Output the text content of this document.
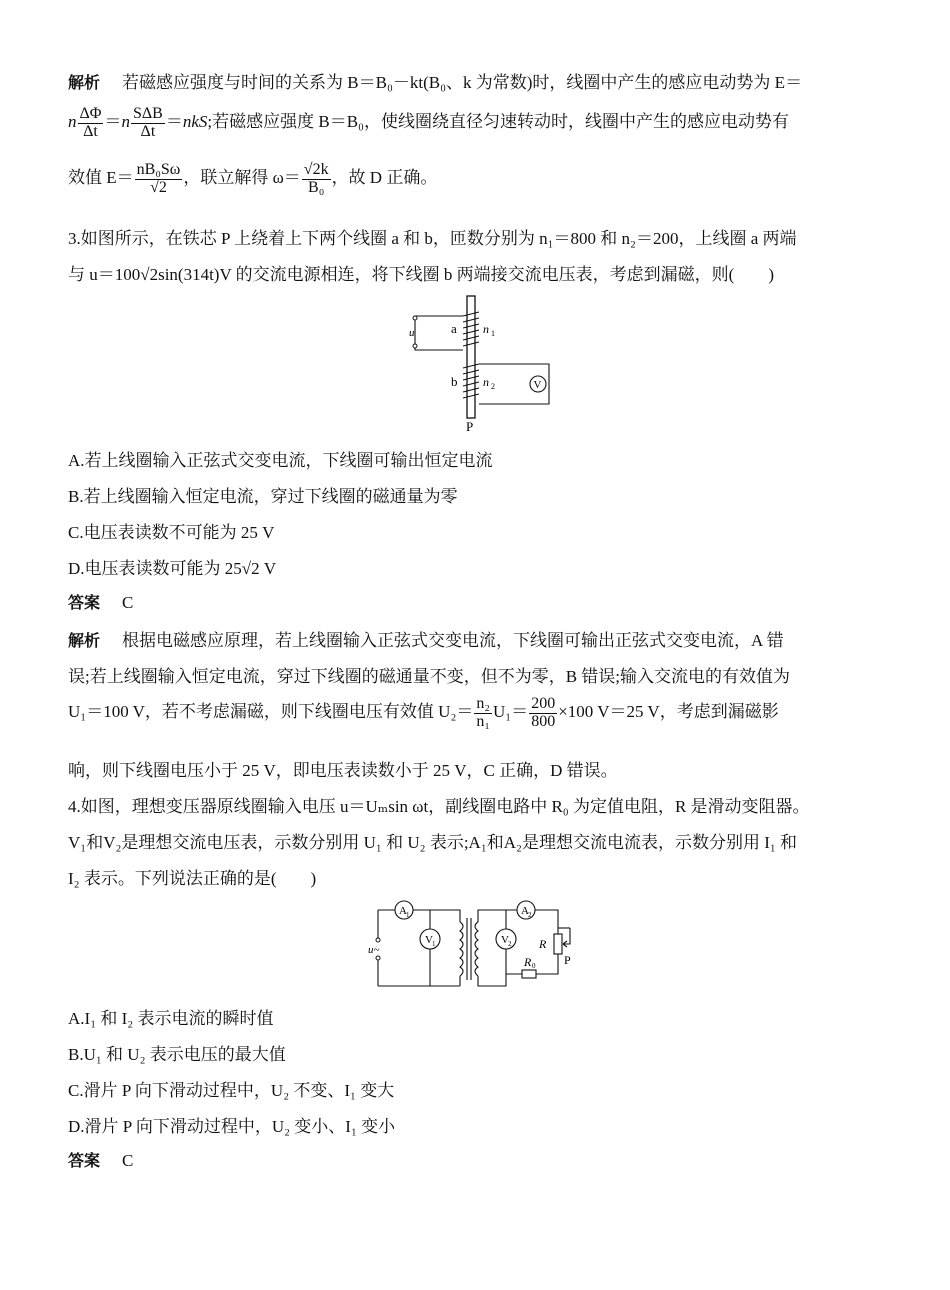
解析 若磁感应强度与时间的关系为 B＝B₀－kt(B₀、k 为常数)时，线圈中产生的感应电动势为 E＝
n $\frac{\Delta\Phi}{\Delta t} =n \frac{\text{SΔB}}{\Delta t} =nkS$;若磁感应强度 B＝B₀，使线圈绕直径匀速转动时，线圈中产生的感应电动势有
效值 $E= \frac{\text{nB₀Sω}}{√2}$ ，联立解得 $\omega= \frac{√2k}{\text{B₀}}$ ，故 D 正确。
3.如图所示，在铁芯 P 上绕着上下两个线圈 a 和 b，匝数分别为 n₁＝800 和 n₂＝200，上线圈 a 两端
与 u＝100√2sin(314t)V 的交流电源相连，将下线圈 b 两端接交流电压表，考虑到漏磁，则(　　)
u	a n 1
V
b n 2
P
A.若上线圈输入正弦式交变电流，下线圈可输出恒定电流
B.若上线圈输入恒定电流，穿过下线圈的磁通量为零
C.电压表读数不可能为 25 V
D.电压表读数可能为 25√2 V
答案 C
解析 根据电磁感应原理，若上线圈输入正弦式交变电流，下线圈可输出正弦式交变电流，A 错
误;若上线圈输入恒定电流，穿过下线圈的磁通量不变，但不为零，B 错误;输入交流电的有效值为
U₁＝100 V，若不考虑漏磁，则下线圈电压有效值 $U_2= \frac{\text{n₂}}{\text{n₁}} U_1= \frac{200}{800} \times 100$ V＝25 V，考虑到漏磁影
响，则下线圈电压小于 25 V，即电压表读数小于 25 V，C 正确，D 错误。
4.如图，理想变压器原线圈输入电压 u＝Uₘsin ωt，副线圈电路中 R₀ 为定值电阻，R 是滑动变阻器。
V₁和V₂是理想交流电压表，示数分别用 U₁ 和 U₂ 表示;A₁和A₂是理想交流电流表，示数分别用 I₁ 和
I₂ 表示。下列说法正确的是(　　)
u~
A 1
V 1
A 2
V 2 R
P
R 0
A.I₁ 和 I₂ 表示电流的瞬时值
B.U₁ 和 U₂ 表示电压的最大值
C.滑片 P 向下滑动过程中，U₂ 不变、I₁ 变大
D.滑片 P 向下滑动过程中，U₂ 变小、I₁ 变小
答案 C
